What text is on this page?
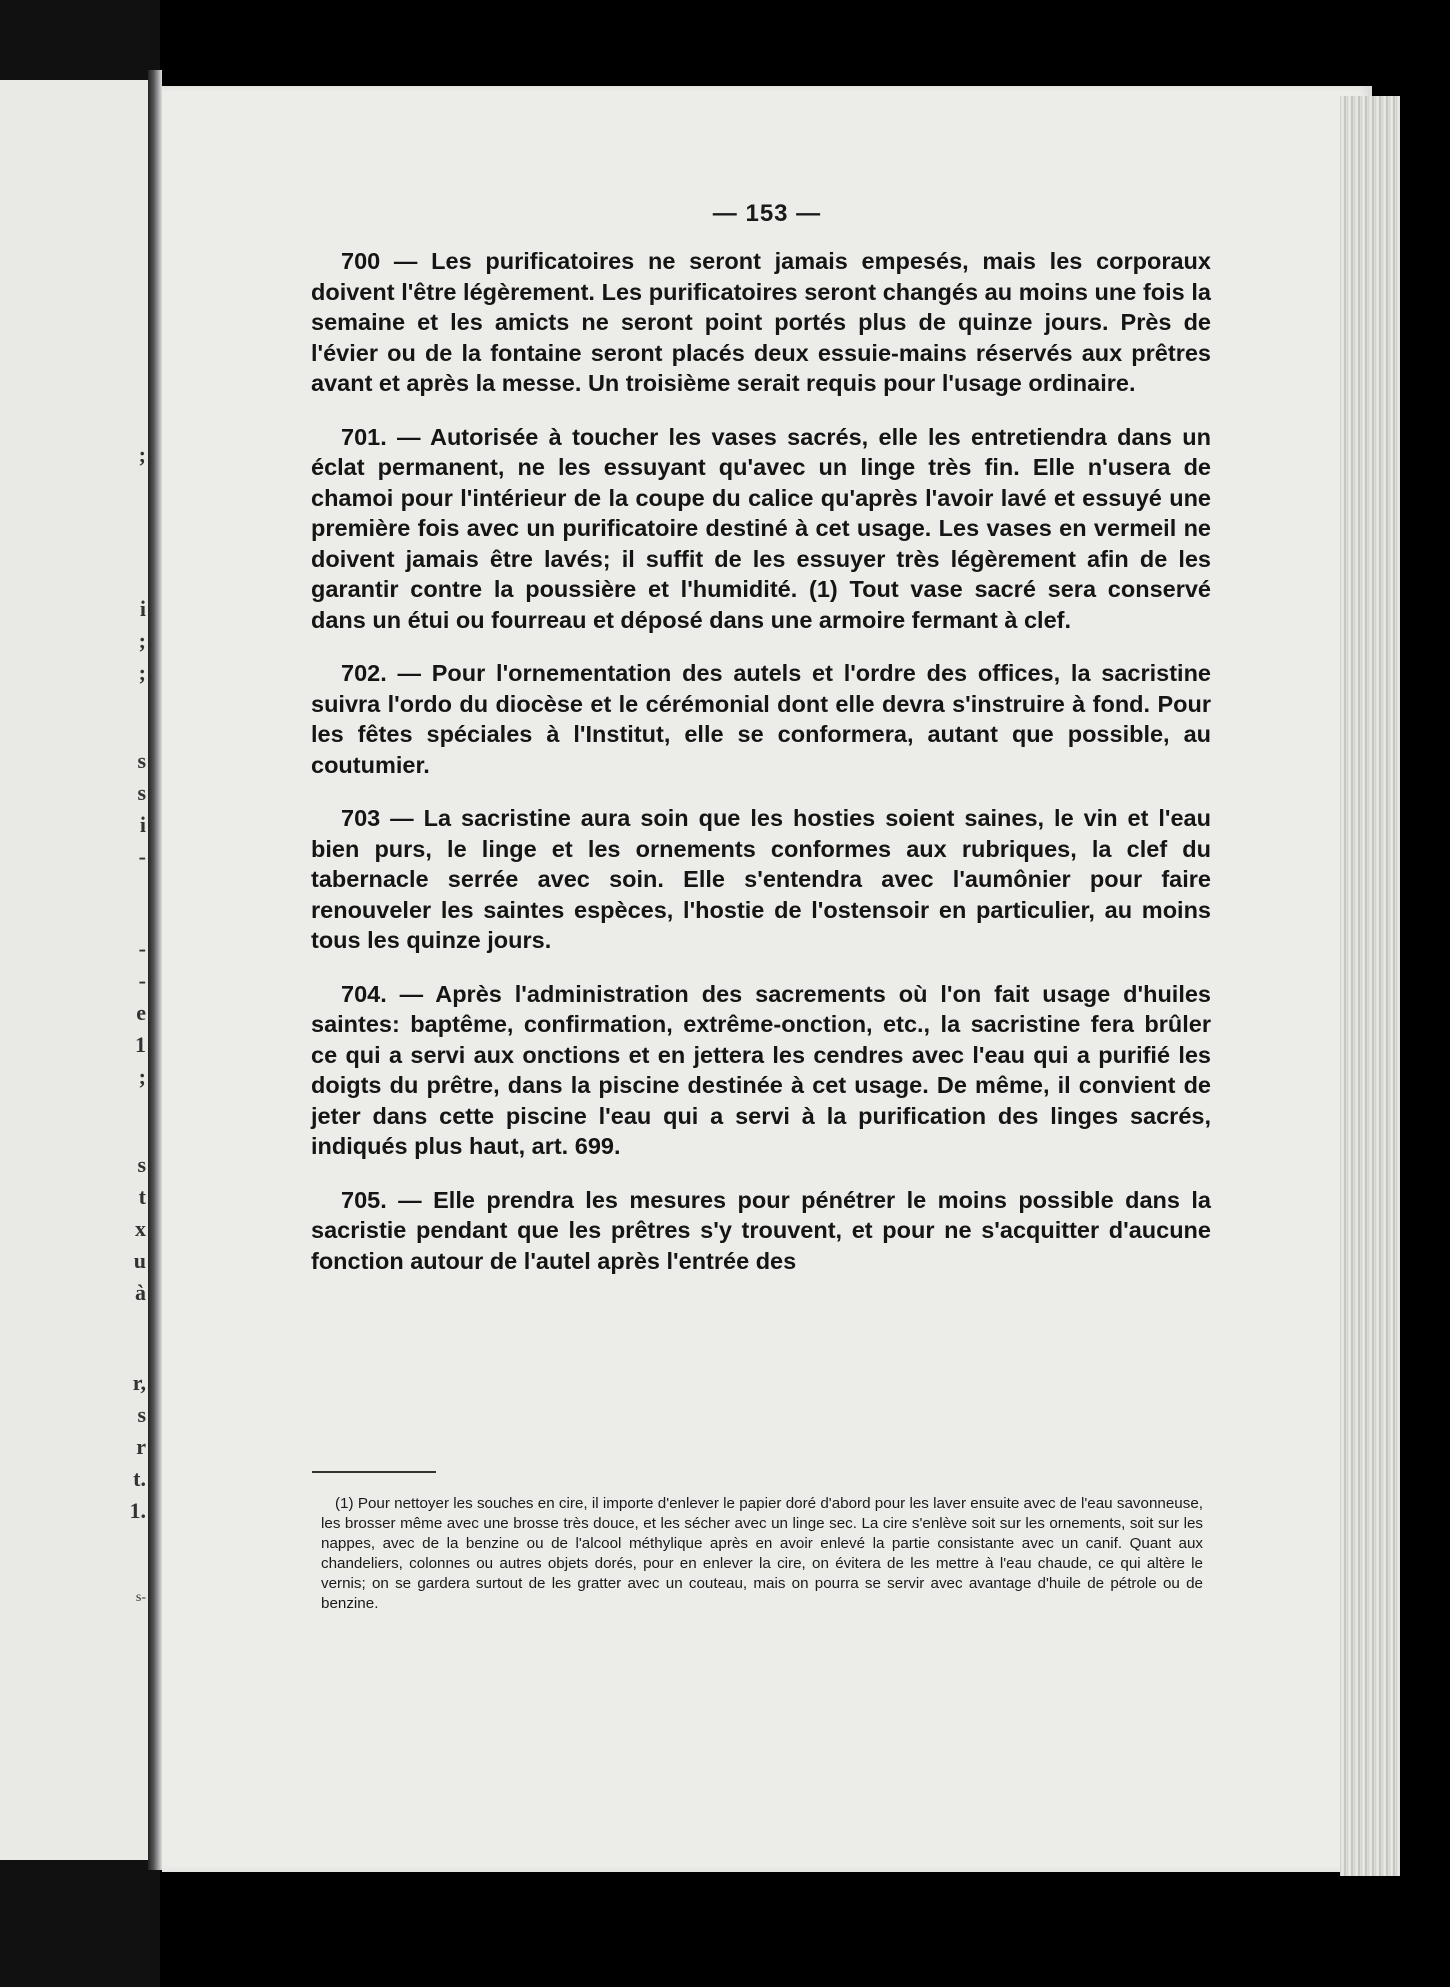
;
i
;
;
s
s
i
-
-
-
e
1
;
s
t
x
u
à
r,
s
r
t.
1.
s-
— 153 —

700 — Les purificatoires ne seront jamais empesés, mais les corporaux doivent l'être légèrement. Les purificatoires seront changés au moins une fois la semaine et les amicts ne seront point portés plus de quinze jours. Près de l'évier ou de la fontaine seront placés deux essuie-mains réservés aux prêtres avant et après la messe. Un troisième serait requis pour l'usage ordinaire.

701. — Autorisée à toucher les vases sacrés, elle les entretiendra dans un éclat permanent, ne les essuyant qu'avec un linge très fin. Elle n'usera de chamoi pour l'intérieur de la coupe du calice qu'après l'avoir lavé et essuyé une première fois avec un purificatoire destiné à cet usage. Les vases en vermeil ne doivent jamais être lavés; il suffit de les essuyer très légèrement afin de les garantir contre la poussière et l'humidité. (1) Tout vase sacré sera conservé dans un étui ou fourreau et déposé dans une armoire fermant à clef.

702. — Pour l'ornementation des autels et l'ordre des offices, la sacristine suivra l'ordo du diocèse et le cérémonial dont elle devra s'instruire à fond. Pour les fêtes spéciales à l'Institut, elle se conformera, autant que possible, au coutumier.

703 — La sacristine aura soin que les hosties soient saines, le vin et l'eau bien purs, le linge et les ornements conformes aux rubriques, la clef du tabernacle serrée avec soin. Elle s'entendra avec l'aumônier pour faire renouveler les saintes espèces, l'hostie de l'ostensoir en particulier, au moins tous les quinze jours.

704. — Après l'administration des sacrements où l'on fait usage d'huiles saintes: baptême, confirmation, extrême-onction, etc., la sacristine fera brûler ce qui a servi aux onctions et en jettera les cendres avec l'eau qui a purifié les doigts du prêtre, dans la piscine destinée à cet usage. De même, il convient de jeter dans cette piscine l'eau qui a servi à la purification des linges sacrés, indiqués plus haut, art. 699.

705. — Elle prendra les mesures pour pénétrer le moins possible dans la sacristie pendant que les prêtres s'y trouvent, et pour ne s'acquitter d'aucune fonction autour de l'autel après l'entrée des

(1) Pour nettoyer les souches en cire, il importe d'enlever le papier doré d'abord pour les laver ensuite avec de l'eau savonneuse, les brosser même avec une brosse très douce, et les sécher avec un linge sec. La cire s'enlève soit sur les ornements, soit sur les nappes, avec de la benzine ou de l'alcool méthylique après en avoir enlevé la partie consistante avec un canif. Quant aux chandeliers, colonnes ou autres objets dorés, pour en enlever la cire, on évitera de les mettre à l'eau chaude, ce qui altère le vernis; on se gardera surtout de les gratter avec un couteau, mais on pourra se servir avec avantage d'huile de pétrole ou de benzine.
